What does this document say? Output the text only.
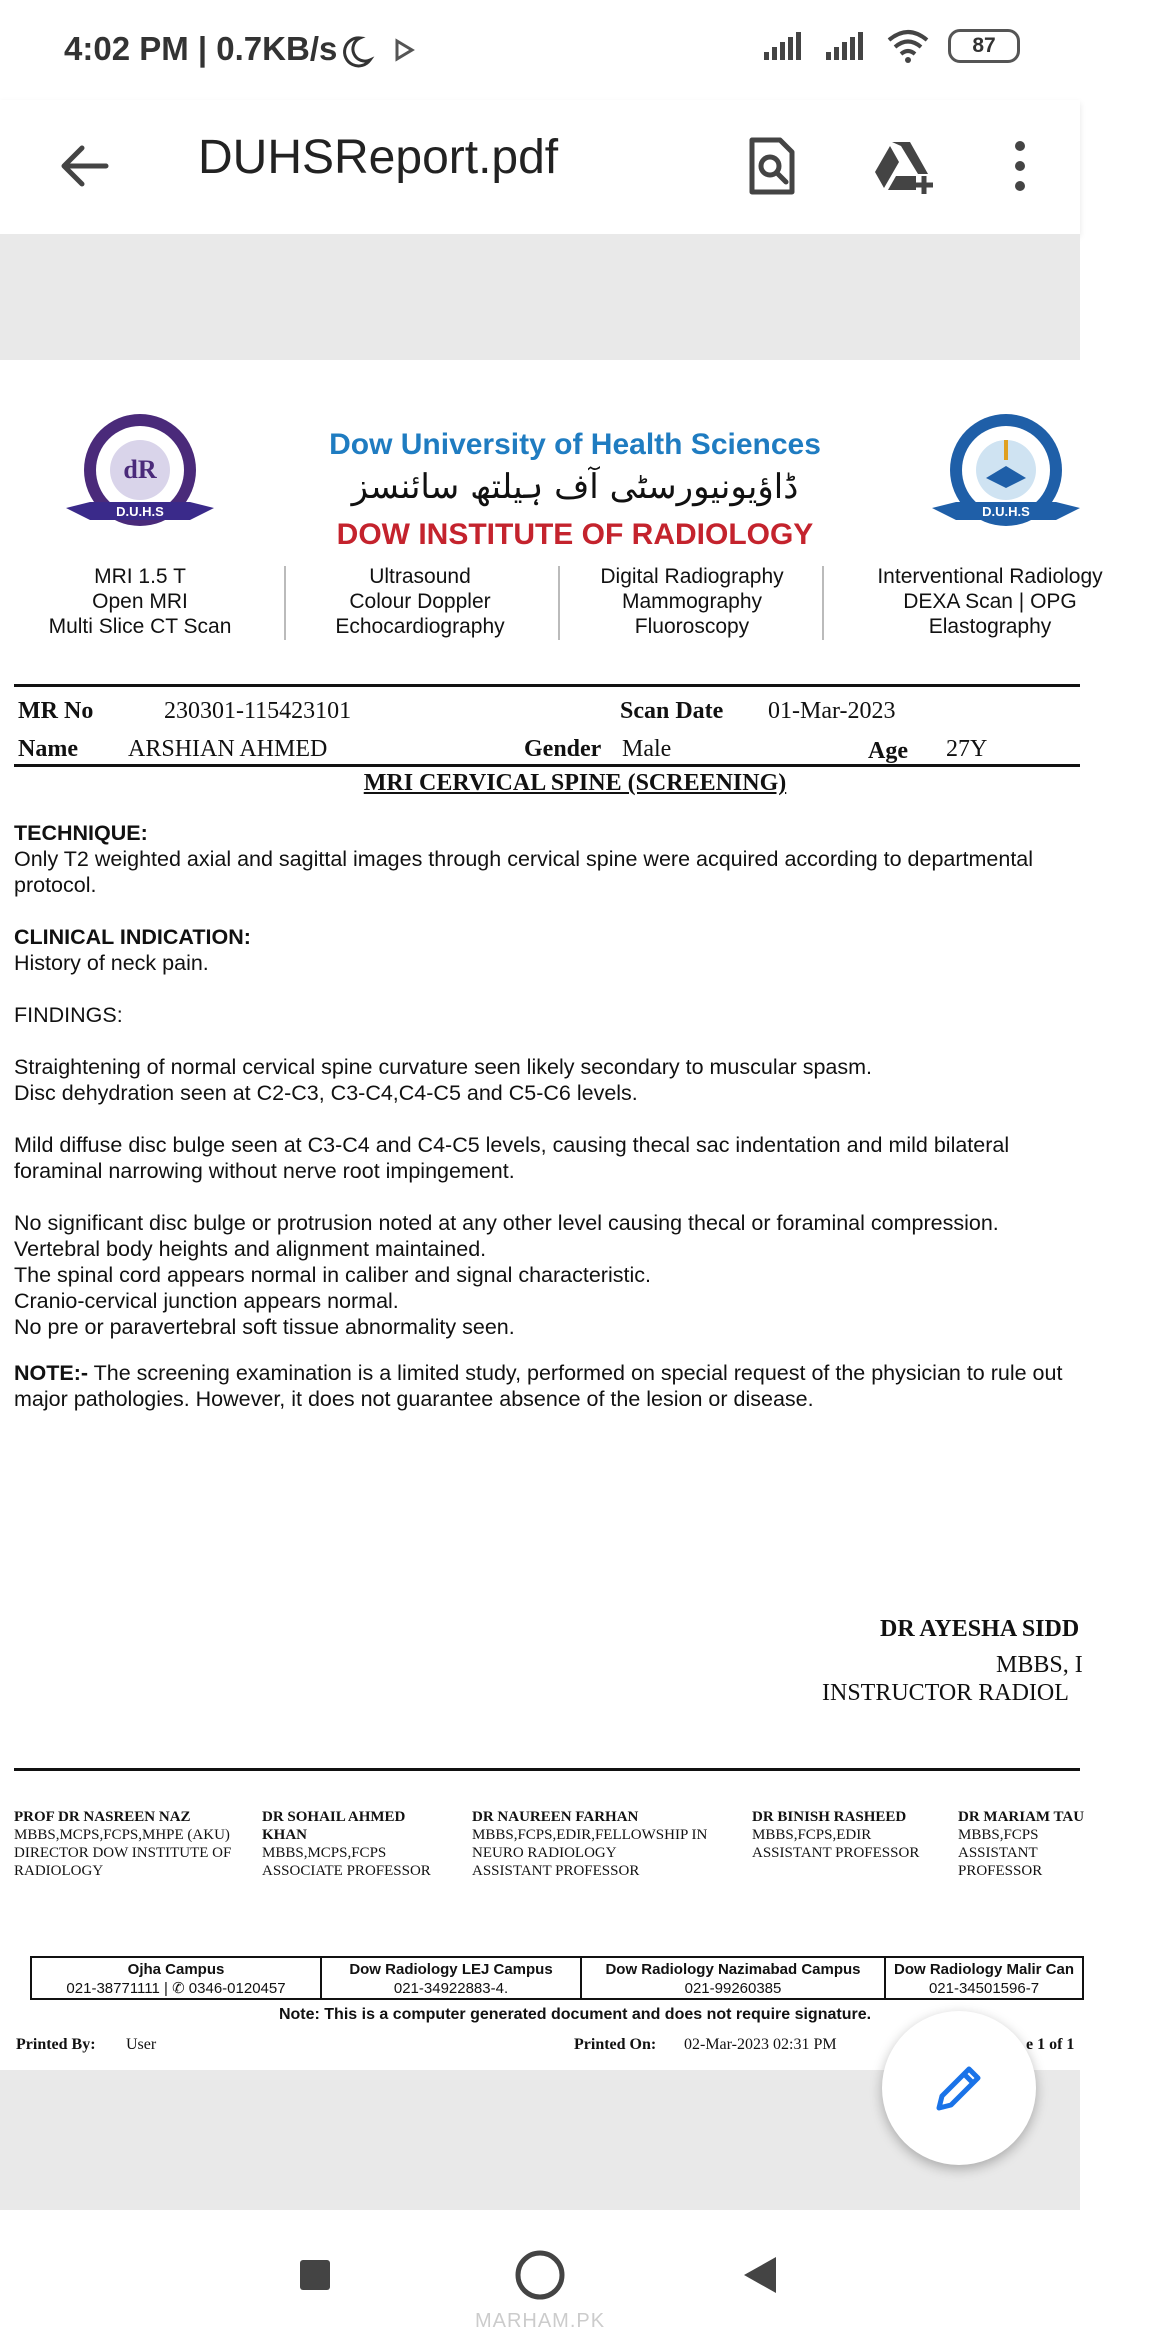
4:02 PM | 0.7KB/s	87
DUHSReport.pdf
dR
D.U.H.S	D.U.H.S
Dow University of Health Sciences
ڈاؤیونیورسٹی آف ہیلتھ سائنسز
DOW INSTITUTE OF RADIOLOGY
MRI 1.5 T
Open MRI
Multi Slice CT Scan
Ultrasound
Colour Doppler
Echocardiography
Digital Radiography
Mammography
Fluoroscopy
Interventional Radiology
DEXA Scan | OPG
Elastography
MR No	230301-115423101	Scan Date 01-Mar-2023
Name ARSHIAN AHMED	Gender Male	Age 27Y
MRI CERVICAL SPINE (SCREENING)
TECHNIQUE:
Only T2 weighted axial and sagittal images through cervical spine were acquired according to departmental protocol.
CLINICAL INDICATION:
History of neck pain.
FINDINGS:
Straightening of normal cervical spine curvature seen likely secondary to muscular spasm.
Disc dehydration seen at C2-C3, C3-C4,C4-C5 and C5-C6 levels.
Mild diffuse disc bulge seen at C3-C4 and C4-C5 levels, causing thecal sac indentation and mild bilateral foraminal narrowing without nerve root impingement.
No significant disc bulge or protrusion noted at any other level causing thecal or foraminal compression.
Vertebral body heights and alignment maintained.
The spinal cord appears normal in caliber and signal characteristic.
Cranio-cervical junction appears normal.
No pre or paravertebral soft tissue abnormality seen.
NOTE:- The screening examination is a limited study, performed on special request of the physician to rule out major pathologies. However, it does not guarantee absence of the lesion or disease.
DR AYESHA SIDD
MBBS, I
INSTRUCTOR RADIOL
PROF DR NASREEN NAZ
MBBS,MCPS,FCPS,MHPE (AKU)
DIRECTOR DOW INSTITUTE OF
RADIOLOGY
DR SOHAIL AHMED KHAN
MBBS,MCPS,FCPS
ASSOCIATE PROFESSOR
DR NAUREEN FARHAN
MBBS,FCPS,EDIR,FELLOWSHIP IN
NEURO RADIOLOGY
ASSISTANT PROFESSOR
DR BINISH RASHEED
MBBS,FCPS,EDIR
ASSISTANT PROFESSOR
DR MARIAM TAU
MBBS,FCPS
ASSISTANT
PROFESSOR
Ojha Campus
021-38771111 | ✆ 0346-0120457
Dow Radiology LEJ Campus
021-34922883-4.
Dow Radiology Nazimabad Campus
021-99260385
Dow Radiology Malir Can
021-34501596-7
Note: This is a computer generated document and does not require signature.
Printed By: User	Printed On: 02-Mar-2023 02:31 PM	e 1 of 1
MARHAM.PK
